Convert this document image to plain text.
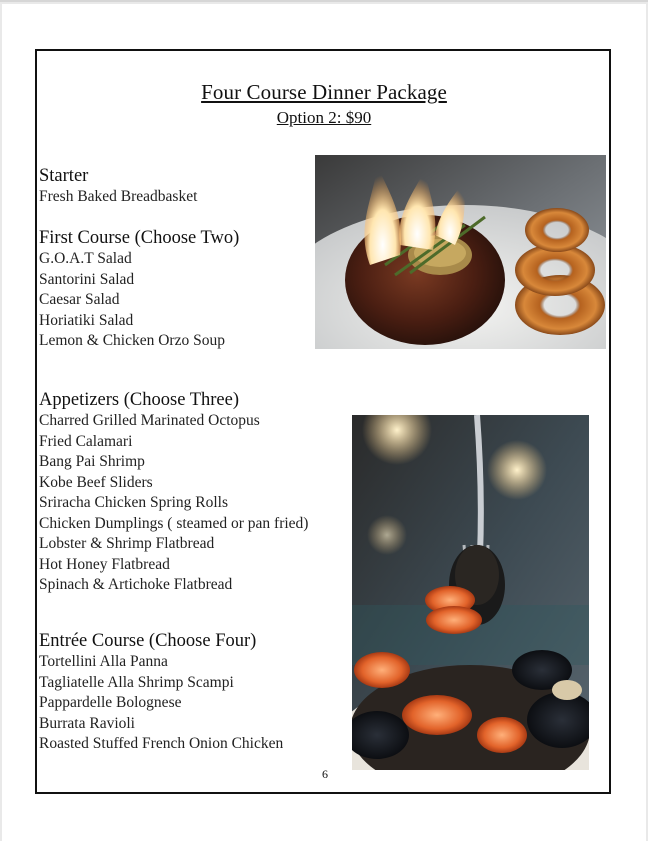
Four Course Dinner Package
Option 2: $90
Starter
Fresh Baked Breadbasket
First Course (Choose Two)
G.O.A.T Salad
Santorini Salad
Caesar Salad
Horiatiki Salad
Lemon & Chicken Orzo Soup
Appetizers (Choose Three)
Charred Grilled Marinated Octopus
Fried Calamari
Bang Pai Shrimp
Kobe Beef Sliders
Sriracha Chicken Spring Rolls
Chicken Dumplings ( steamed or pan fried)
Lobster & Shrimp Flatbread
Hot Honey Flatbread
Spinach & Artichoke Flatbread
Entrée Course (Choose Four)
Tortellini Alla Panna
Tagliatelle Alla Shrimp Scampi
Pappardelle Bolognese
Burrata Ravioli
Roasted Stuffed French Onion Chicken
6
